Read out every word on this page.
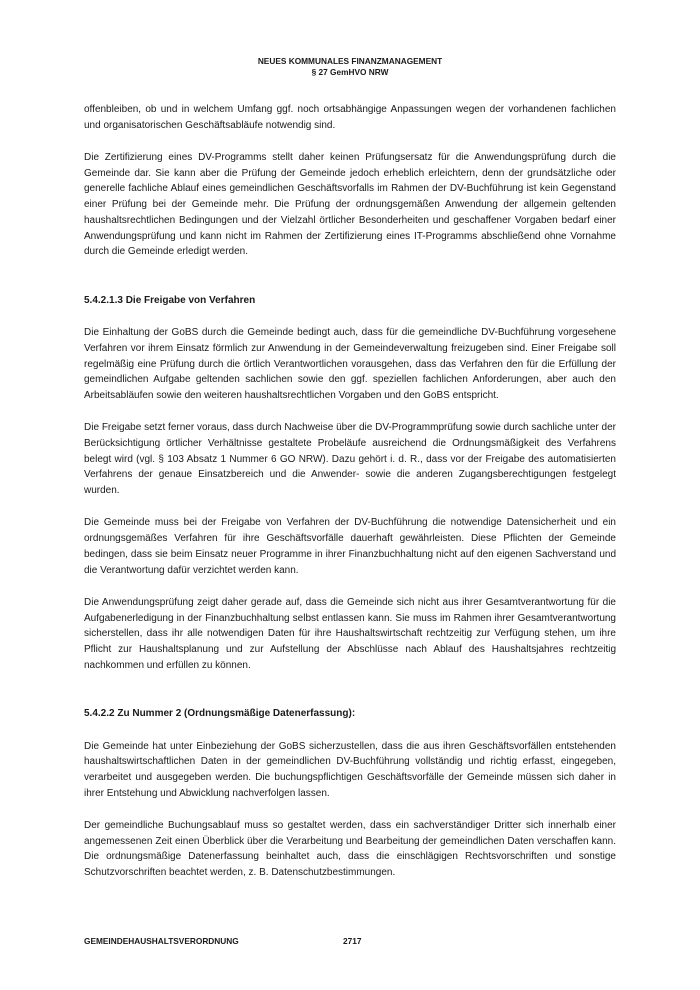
NEUES KOMMUNALES FINANZMANAGEMENT
§ 27 GemHVO NRW

offenbleiben, ob und in welchem Umfang ggf. noch ortsabhängige Anpassungen wegen der vorhandenen fachlichen und organisatorischen Geschäftsabläufe notwendig sind.

Die Zertifizierung eines DV-Programms stellt daher keinen Prüfungsersatz für die Anwendungsprüfung durch die Gemeinde dar. Sie kann aber die Prüfung der Gemeinde jedoch erheblich erleichtern, denn der grundsätzliche oder generelle fachliche Ablauf eines gemeindlichen Geschäftsvorfalls im Rahmen der DV-Buchführung ist kein Gegenstand einer Prüfung bei der Gemeinde mehr. Die Prüfung der ordnungsgemäßen Anwendung der allgemein geltenden haushaltsrechtlichen Bedingungen und der Vielzahl örtlicher Besonderheiten und geschaffener Vorgaben bedarf einer Anwendungsprüfung und kann nicht im Rahmen der Zertifizierung eines IT-Programms abschließend ohne Vornahme durch die Gemeinde erledigt werden.

5.4.2.1.3 Die Freigabe von Verfahren

Die Einhaltung der GoBS durch die Gemeinde bedingt auch, dass für die gemeindliche DV-Buchführung vorgesehene Verfahren vor ihrem Einsatz förmlich zur Anwendung in der Gemeindeverwaltung freizugeben sind. Einer Freigabe soll regelmäßig eine Prüfung durch die örtlich Verantwortlichen vorausgehen, dass das Verfahren den für die Erfüllung der gemeindlichen Aufgabe geltenden sachlichen sowie den ggf. speziellen fachlichen Anforderungen, aber auch den Arbeitsabläufen sowie den weiteren haushaltsrechtlichen Vorgaben und den GoBS entspricht.

Die Freigabe setzt ferner voraus, dass durch Nachweise über die DV-Programmprüfung sowie durch sachliche unter der Berücksichtigung örtlicher Verhältnisse gestaltete Probeläufe ausreichend die Ordnungsmäßigkeit des Verfahrens belegt wird (vgl. § 103 Absatz 1 Nummer 6 GO NRW). Dazu gehört i. d. R., dass vor der Freigabe des automatisierten Verfahrens der genaue Einsatzbereich und die Anwender- sowie die anderen Zugangsberechtigungen festgelegt wurden.

Die Gemeinde muss bei der Freigabe von Verfahren der DV-Buchführung die notwendige Datensicherheit und ein ordnungsgemäßes Verfahren für ihre Geschäftsvorfälle dauerhaft gewährleisten. Diese Pflichten der Gemeinde bedingen, dass sie beim Einsatz neuer Programme in ihrer Finanzbuchhaltung nicht auf den eigenen Sachverstand und die Verantwortung dafür verzichtet werden kann.

Die Anwendungsprüfung zeigt daher gerade auf, dass die Gemeinde sich nicht aus ihrer Gesamtverantwortung für die Aufgabenerledigung in der Finanzbuchhaltung selbst entlassen kann. Sie muss im Rahmen ihrer Gesamtverantwortung sicherstellen, dass ihr alle notwendigen Daten für ihre Haushaltswirtschaft rechtzeitig zur Verfügung stehen, um ihre Pflicht zur Haushaltsplanung und zur Aufstellung der Abschlüsse nach Ablauf des Haushaltsjahres rechtzeitig nachkommen und erfüllen zu können.

5.4.2.2 Zu Nummer 2 (Ordnungsmäßige Datenerfassung):

Die Gemeinde hat unter Einbeziehung der GoBS sicherzustellen, dass die aus ihren Geschäftsvorfällen entstehenden haushaltswirtschaftlichen Daten in der gemeindlichen DV-Buchführung vollständig und richtig erfasst, eingegeben, verarbeitet und ausgegeben werden. Die buchungspflichtigen Geschäftsvorfälle der Gemeinde müssen sich daher in ihrer Entstehung und Abwicklung nachverfolgen lassen.

Der gemeindliche Buchungsablauf muss so gestaltet werden, dass ein sachverständiger Dritter sich innerhalb einer angemessenen Zeit einen Überblick über die Verarbeitung und Bearbeitung der gemeindlichen Daten verschaffen kann. Die ordnungsmäßige Datenerfassung beinhaltet auch, dass die einschlägigen Rechtsvorschriften und sonstige Schutzvorschriften beachtet werden, z. B. Datenschutzbestimmungen.

GEMEINDEHAUSHALTSVERORDNUNG	2717
